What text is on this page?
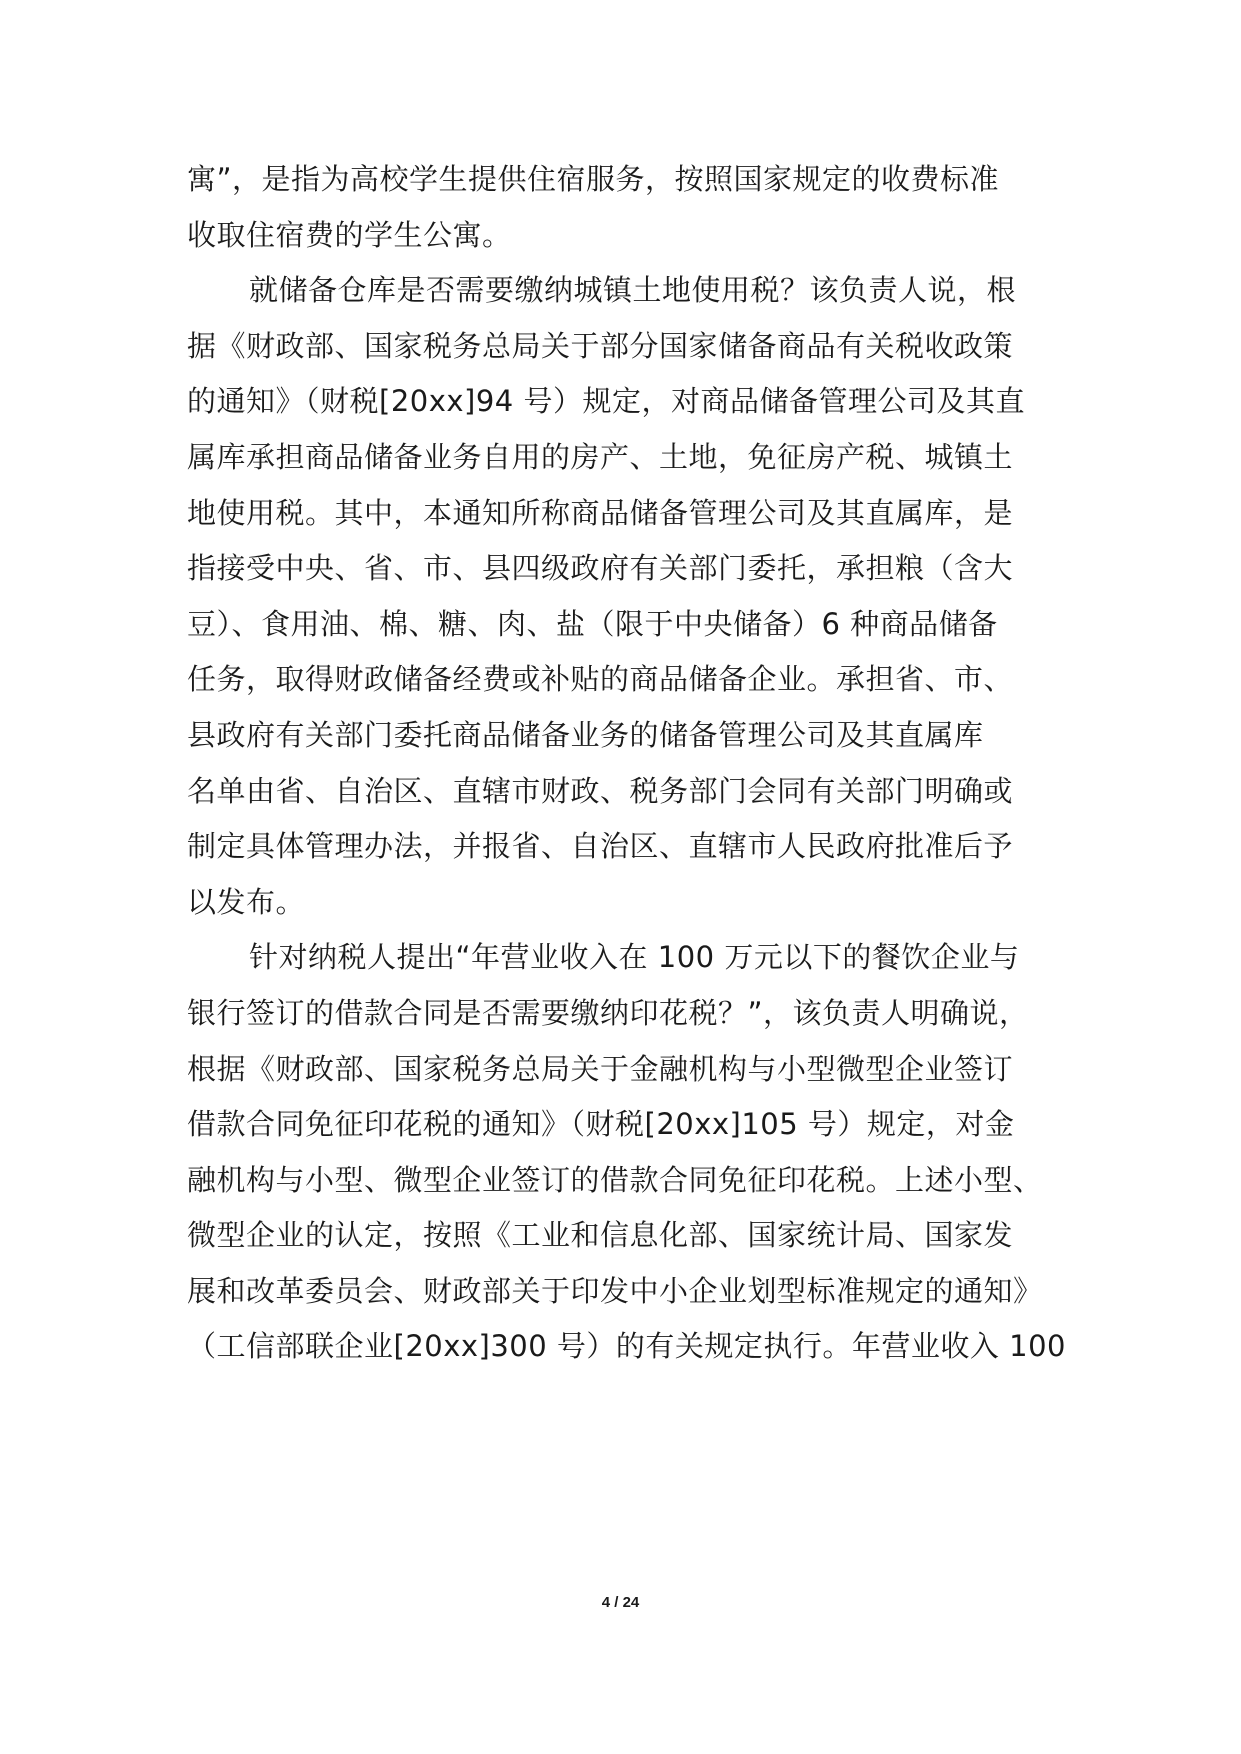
寓”，是指为高校学生提供住宿服务，按照国家规定的收费标准
收取住宿费的学生公寓。
就储备仓库是否需要缴纳城镇土地使用税？该负责人说，根
据《财政部、国家税务总局关于部分国家储备商品有关税收政策
的通知》（财税[20xx]94 号）规定，对商品储备管理公司及其直
属库承担商品储备业务自用的房产、土地，免征房产税、城镇土
地使用税。其中，本通知所称商品储备管理公司及其直属库，是
指接受中央、省、市、县四级政府有关部门委托，承担粮（含大
豆）、食用油、棉、糖、肉、盐（限于中央储备）6 种商品储备
任务，取得财政储备经费或补贴的商品储备企业。承担省、市、
县政府有关部门委托商品储备业务的储备管理公司及其直属库
名单由省、自治区、直辖市财政、税务部门会同有关部门明确或
制定具体管理办法，并报省、自治区、直辖市人民政府批准后予
以发布。
针对纳税人提出“年营业收入在 100 万元以下的餐饮企业与
银行签订的借款合同是否需要缴纳印花税？”，该负责人明确说，
根据《财政部、国家税务总局关于金融机构与小型微型企业签订
借款合同免征印花税的通知》（财税[20xx]105 号）规定，对金
融机构与小型、微型企业签订的借款合同免征印花税。上述小型、
微型企业的认定，按照《工业和信息化部、国家统计局、国家发
展和改革委员会、财政部关于印发中小企业划型标准规定的通知》
（工信部联企业[20xx]300 号）的有关规定执行。年营业收入 100
4 / 24
